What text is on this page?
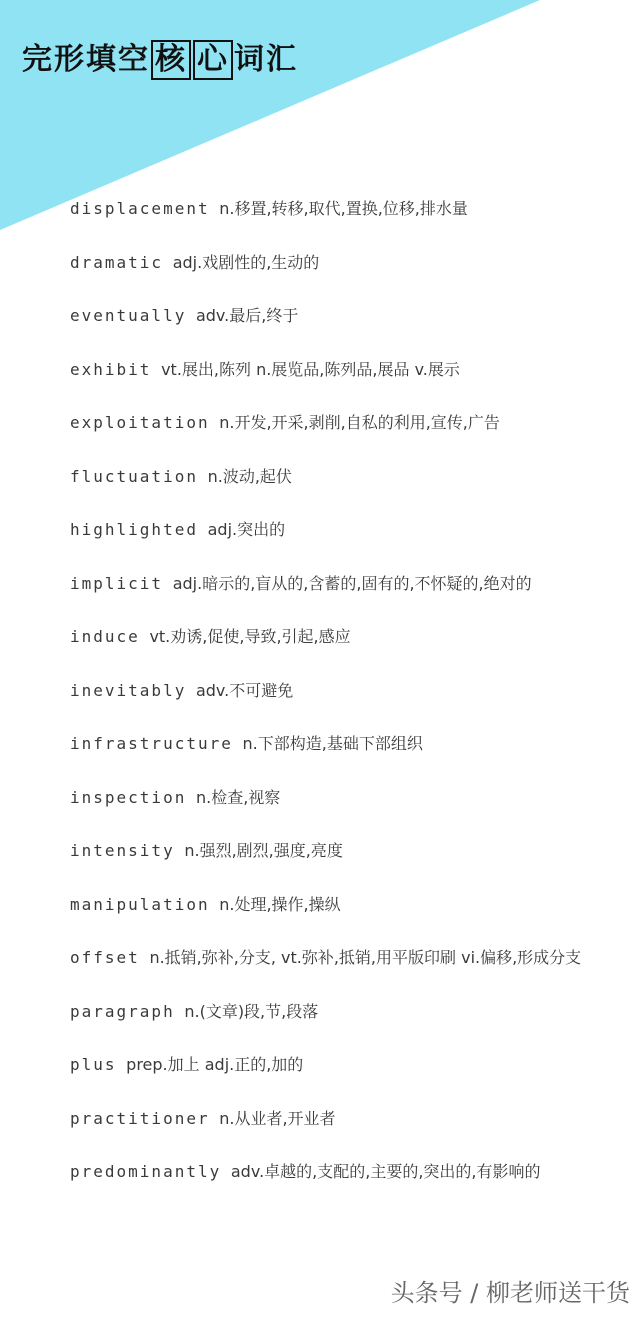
完形填空 核 心 词汇
displacement n.移置,转移,取代,置换,位移,排水量
dramatic adj.戏剧性的,生动的
eventually adv.最后,终于
exhibit vt.展出,陈列 n.展览品,陈列品,展品 v.展示
exploitation n.开发,开采,剥削,自私的利用,宣传,广告
fluctuation n.波动,起伏
highlighted adj.突出的
implicit adj.暗示的,盲从的,含蓄的,固有的,不怀疑的,绝对的
induce vt.劝诱,促使,导致,引起,感应
inevitably adv.不可避免
infrastructure n.下部构造,基础下部组织
inspection n.检查,视察
intensity n.强烈,剧烈,强度,亮度
manipulation n.处理,操作,操纵
offset n.抵销,弥补,分支, vt.弥补,抵销,用平版印刷 vi.偏移,形成分支
paragraph n.(文章)段,节,段落
plus prep.加上 adj.正的,加的
practitioner n.从业者,开业者
predominantly adv.卓越的,支配的,主要的,突出的,有影响的
头条号 / 柳老师送干货
